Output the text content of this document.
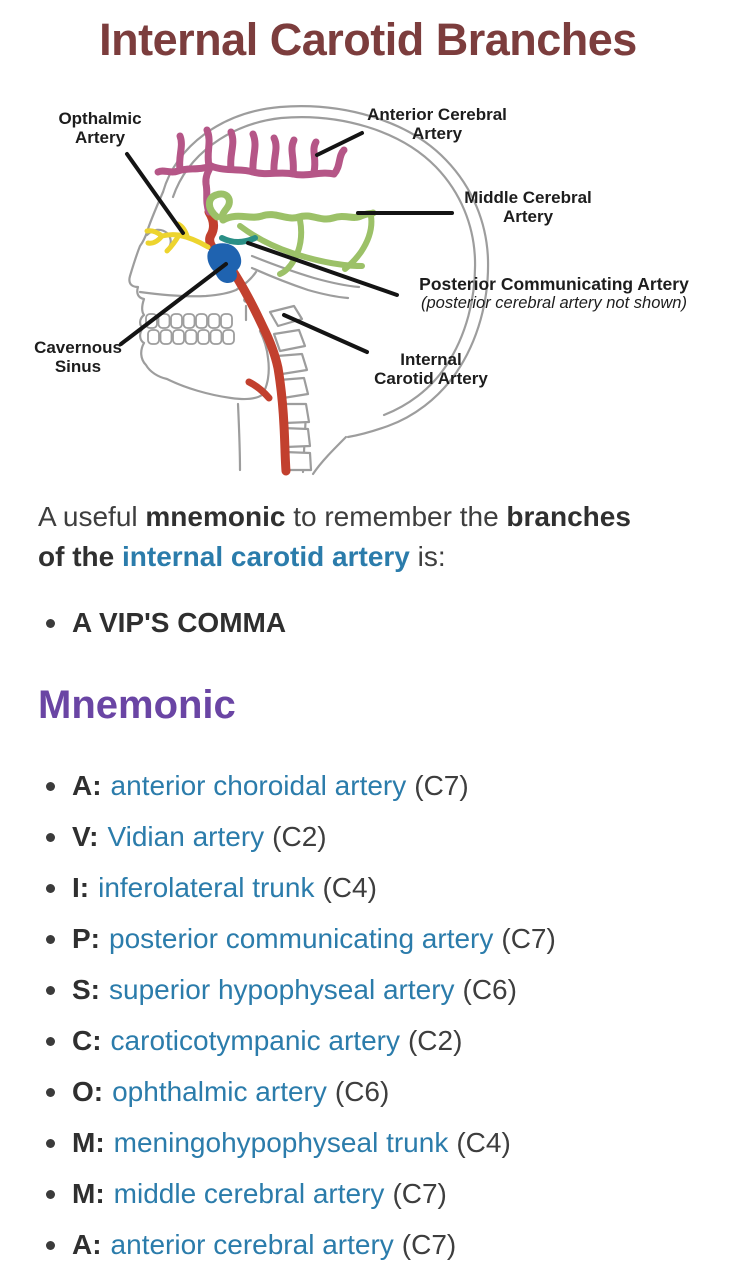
Internal Carotid Branches
Opthalmic
Artery
Anterior Cerebral
Artery
Middle Cerebral
Artery
Posterior Communicating Artery
(posterior cerebral artery not shown)
Cavernous
Sinus	Internal
Carotid Artery

A useful mnemonic to remember the branches
of the internal carotid artery is:

A VIP'S COMMA
Mnemonic
A: anterior choroidal artery (C7)
V: Vidian artery (C2)
I: inferolateral trunk (C4)
P: posterior communicating artery (C7)
S: superior hypophyseal artery (C6)
C: caroticotympanic artery (C2)
O: ophthalmic artery (C6)
M: meningohypophyseal trunk (C4)
M: middle cerebral artery (C7)
A: anterior cerebral artery (C7)
